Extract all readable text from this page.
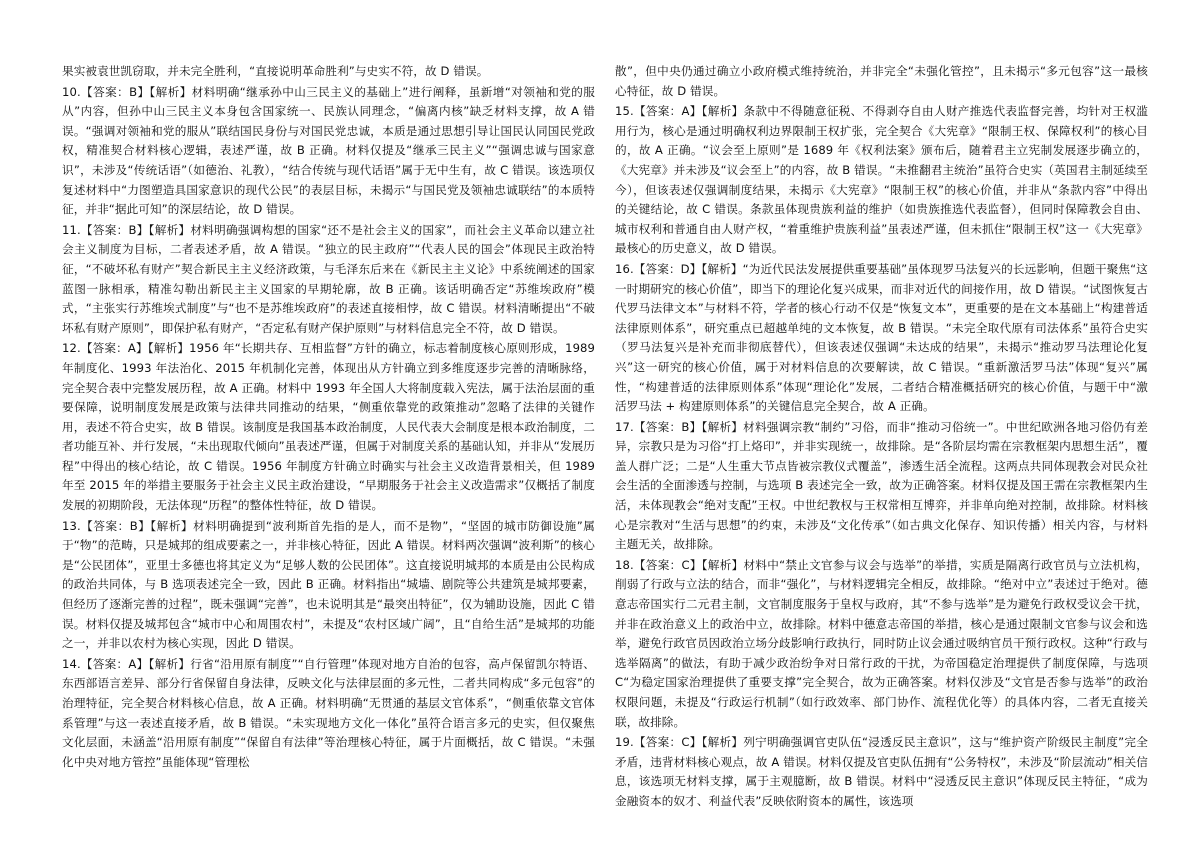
果实被袁世凯窃取，并未完全胜利，“直接说明革命胜利”与史实不符，故 D 错误。

10.【答案：B】【解析】材料明确“继承孙中山三民主义的基础上”进行阐释，虽新增“对领袖和党的服从”内容，但孙中山三民主义本身包含国家统一、民族认同理念，“偏离内核”缺乏材料支撑，故 A 错误。“强调对领袖和党的服从”联结国民身份与对国民党忠诚，本质是通过思想引导让国民认同国民党政权，精准契合材料核心逻辑，表述严谨，故 B 正确。材料仅提及“继承三民主义”“强调忠诚与国家意识”，未涉及“传统话语”（如德治、礼教），“结合传统与现代话语”属于无中生有，故 C 错误。该选项仅复述材料中“力图塑造具国家意识的现代公民”的表层目标，未揭示“与国民党及领袖忠诚联结”的本质特征，并非“据此可知”的深层结论，故 D 错误。

11.【答案：B】【解析】材料明确强调构想的国家“还不是社会主义的国家”，而社会主义革命以建立社会主义制度为目标，二者表述矛盾，故 A 错误。“独立的民主政府”“代表人民的国会”体现民主政治特征，“不破坏私有财产”契合新民主主义经济政策，与毛泽东后来在《新民主主义论》中系统阐述的国家蓝图一脉相承，精准勾勒出新民主主义国家的早期轮廓，故 B 正确。该话明确否定“苏维埃政府”模式，“主张实行苏维埃式制度”与“也不是苏维埃政府”的表述直接相悖，故 C 错误。材料清晰提出“不破坏私有财产原则”，即保护私有财产，“否定私有财产保护原则”与材料信息完全不符，故 D 错误。

12.【答案：A】【解析】1956 年“长期共存、互相监督”方针的确立，标志着制度核心原则形成，1989 年制度化、1993 年法治化、2015 年机制化完善，体现出从方针确立到多维度逐步完善的清晰脉络，完全契合表中完整发展历程，故 A 正确。材料中 1993 年全国人大将制度载入宪法，属于法治层面的重要保障，说明制度发展是政策与法律共同推动的结果，“侧重依靠党的政策推动”忽略了法律的关键作用，表述不符合史实，故 B 错误。该制度是我国基本政治制度，人民代表大会制度是根本政治制度，二者功能互补、并行发展，“未出现取代倾向”虽表述严谨，但属于对制度关系的基础认知，并非从“发展历程”中得出的核心结论，故 C 错误。1956 年制度方针确立时确实与社会主义改造背景相关，但 1989 年至 2015 年的举措主要服务于社会主义民主政治建设，“早期服务于社会主义改造需求”仅概括了制度发展的初期阶段，无法体现“历程”的整体性特征，故 D 错误。

13.【答案：B】【解析】材料明确提到“波利斯首先指的是人，而不是物”，“坚固的城市防御设施”属于“物”的范畴，只是城邦的组成要素之一，并非核心特征，因此 A 错误。材料两次强调“波利斯”的核心是“公民团体”，亚里士多德也将其定义为“足够人数的公民团体”。这直接说明城邦的本质是由公民构成的政治共同体，与 B 选项表述完全一致，因此 B 正确。材料指出“城墙、剧院等公共建筑是城邦要素，但经历了逐渐完善的过程”，既未强调“完善”，也未说明其是“最突出特征”，仅为辅助设施，因此 C 错误。材料仅提及城邦包含“城市中心和周围农村”，未提及“农村区域广阔”，且“自给生活”是城邦的功能之一，并非以农村为核心实现，因此 D 错误。

14.【答案：A】【解析】行省“沿用原有制度”“自行管理”体现对地方自治的包容，高卢保留凯尔特语、东西部语言差异、部分行省保留自身法律，反映文化与法律层面的多元性，二者共同构成“多元包容”的治理特征，完全契合材料核心信息，故 A 正确。材料明确“无贯通的基层文官体系”，“侧重依靠文官体系管理”与这一表述直接矛盾，故 B 错误。“未实现地方文化一体化”虽符合语言多元的史实，但仅聚焦文化层面，未涵盖“沿用原有制度”“保留自有法律”等治理核心特征，属于片面概括，故 C 错误。“未强化中央对地方管控”虽能体现“管理松

散”，但中央仍通过确立小政府模式维持统治，并非完全“未强化管控”，且未揭示“多元包容”这一最核心特征，故 D 错误。

15.【答案：A】【解析】条款中不得随意征税、不得剥夺自由人财产推选代表监督完善，均针对王权滥用行为，核心是通过明确权利边界限制王权扩张，完全契合《大宪章》“限制王权、保障权利”的核心目的，故 A 正确。“议会至上原则”是 1689 年《权利法案》颁布后，随着君主立宪制发展逐步确立的，《大宪章》并未涉及“议会至上”的内容，故 B 错误。“未推翻君主统治”虽符合史实（英国君主制延续至今），但该表述仅强调制度结果，未揭示《大宪章》“限制王权”的核心价值，并非从“条款内容”中得出的关键结论，故 C 错误。条款虽体现贵族利益的维护（如贵族推选代表监督），但同时保障教会自由、城市权利和普通自由人财产权，“着重维护贵族利益”虽表述严谨，但未抓住“限制王权”这一《大宪章》最核心的历史意义，故 D 错误。

16.【答案：D】【解析】“为近代民法发展提供重要基础”虽体现罗马法复兴的长远影响，但题干聚焦“这一时期研究的核心价值”，即当下的理论化复兴成果，而非对近代的间接作用，故 D 错误。“试图恢复古代罗马法律文本”与材料不符，学者的核心行动不仅是“恢复文本”，更重要的是在文本基础上“构建普适法律原则体系”，研究重点已超越单纯的文本恢复，故 B 错误。“未完全取代原有司法体系”虽符合史实（罗马法复兴是补充而非彻底替代），但该表述仅强调“未达成的结果”，未揭示“推动罗马法理论化复兴”这一研究的核心价值，属于对材料信息的次要解读，故 C 错误。“重新激活罗马法”体现“复兴”属性，“构建普适的法律原则体系”体现“理论化”发展，二者结合精准概括研究的核心价值，与题干中“激活罗马法 + 构建原则体系”的关键信息完全契合，故 A 正确。

17.【答案：B】【解析】材料强调宗教“制约”习俗，而非“推动习俗统一”。中世纪欧洲各地习俗仍有差异，宗教只是为习俗“打上烙印”，并非实现统一，故排除。是“各阶层均需在宗教框架内思想生活”，覆盖人群广泛；二是“人生重大节点皆被宗教仪式覆盖”，渗透生活全流程。这两点共同体现教会对民众社会生活的全面渗透与控制，与选项 B 表述完全一致，故为正确答案。材料仅提及国王需在宗教框架内生活，未体现教会“绝对支配”王权。中世纪教权与王权常相互博弈，并非单向绝对控制，故排除。材料核心是宗教对“生活与思想”的约束，未涉及“文化传承”（如古典文化保存、知识传播）相关内容，与材料主题无关，故排除。

18.【答案：C】【解析】材料中“禁止文官参与议会与选举”的举措，实质是隔离行政官员与立法机构，削弱了行政与立法的结合，而非“强化”，与材料逻辑完全相反，故排除。“绝对中立”表述过于绝对。德意志帝国实行二元君主制，文官制度服务于皇权与政府，其“不参与选举”是为避免行政权受议会干扰，并非在政治意义上的政治中立，故排除。材料中德意志帝国的举措，核心是通过限制文官参与议会和选举，避免行政官员因政治立场分歧影响行政执行，同时防止议会通过吸纳官员干预行政权。这种“行政与选举隔离”的做法，有助于减少政治纷争对日常行政的干扰，为帝国稳定治理提供了制度保障，与选项 C“为稳定国家治理提供了重要支撑”完全契合，故为正确答案。材料仅涉及“文官是否参与选举”的政治权限问题，未提及“行政运行机制”（如行政效率、部门协作、流程优化等）的具体内容，二者无直接关联，故排除。

19.【答案：C】【解析】列宁明确强调官吏队伍“浸透反民主意识”，这与“维护资产阶级民主制度”完全矛盾，违背材料核心观点，故 A 错误。材料仅提及官吏队伍拥有“公务特权”，未涉及“阶层流动”相关信息，该选项无材料支撑，属于主观臆断，故 B 错误。材料中“浸透反民主意识”体现反民主特征，“成为金融资本的奴才、利益代表”反映依附资本的属性，该选项
